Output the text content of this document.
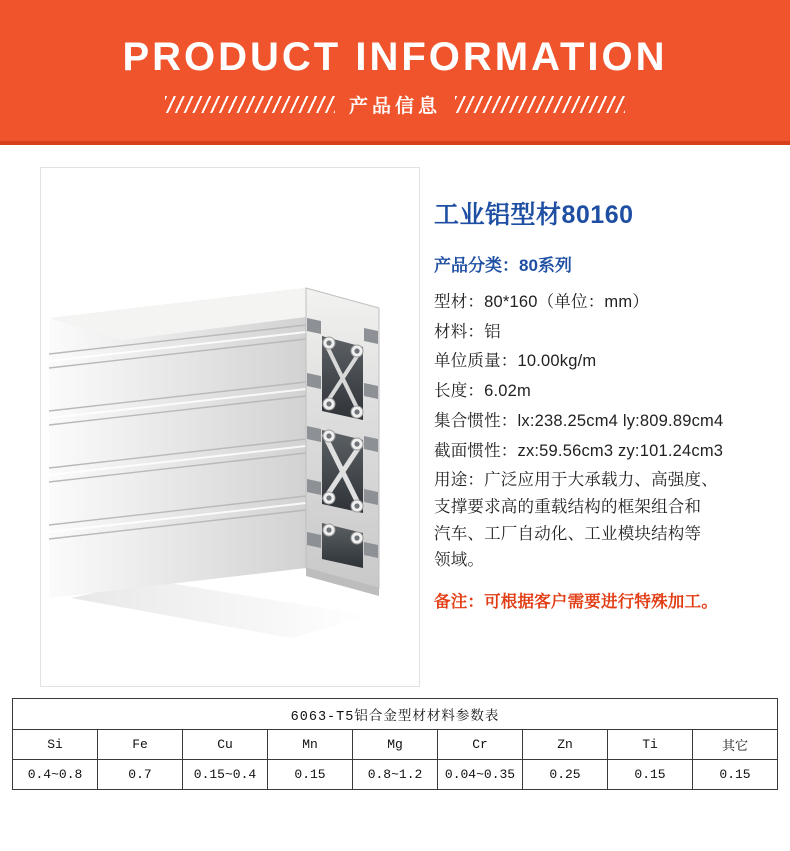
PRODUCT INFORMATION
产品信息
工业铝型材80160
产品分类：80系列
型材：80*160（单位：mm）
材料：铝
单位质量：10.00kg/m
长度：6.02m
集合惯性：lx:238.25cm4 ly:809.89cm4
截面惯性：zx:59.56cm3 zy:101.24cm3
用途：广泛应用于大承载力、高强度、
支撑要求高的重载结构的框架组合和
汽车、工厂自动化、工业模块结构等
领域。
备注：可根据客户需要进行特殊加工。
6063-T5铝合金型材材料参数表								
Si	Fe	Cu	Mn	Mg	Cr	Zn	Ti	其它
0.4~0.8	0.7	0.15~0.4	0.15	0.8~1.2	0.04~0.35	0.25	0.15	0.15
